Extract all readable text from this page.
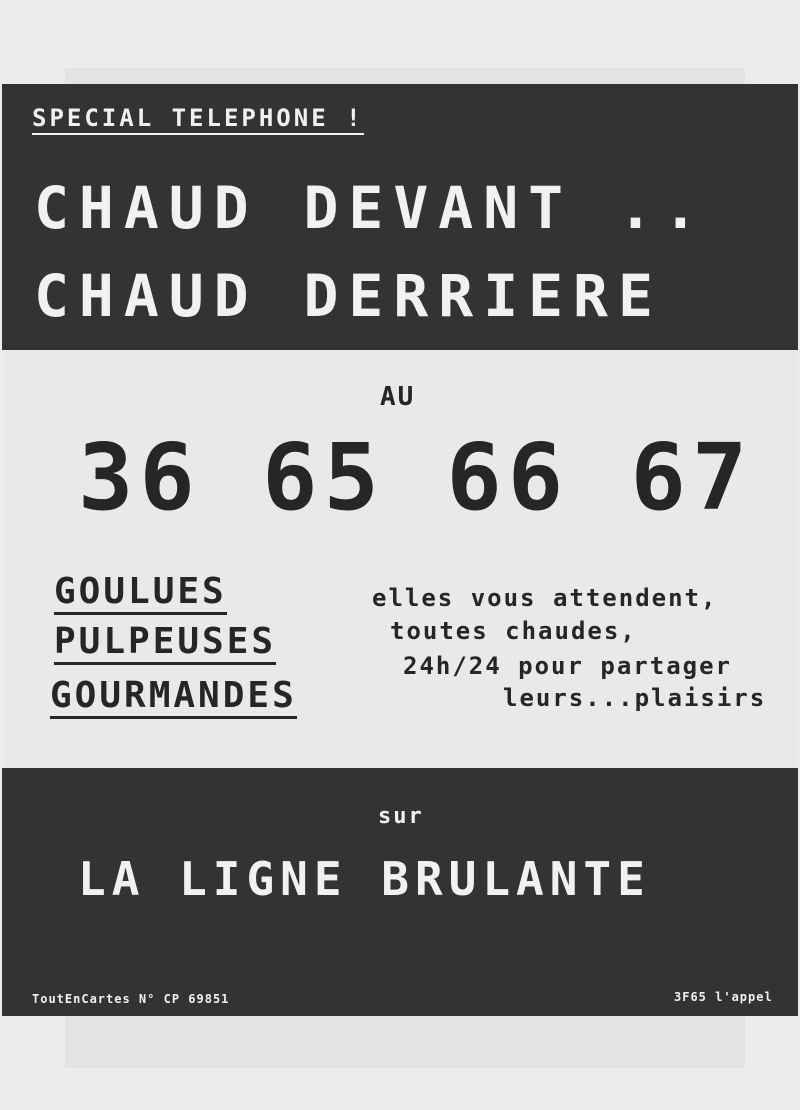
SPECIAL TELEPHONE !
CHAUD DEVANT ..
CHAUD DERRIERE
AU
36 65 66 67
GOULUES
PULPEUSES
GOURMANDES
elles vous attendent,
toutes chaudes,
24h/24 pour partager
leurs...plaisirs
sur
LA LIGNE BRULANTE
ToutEnCartes N° CP 69851	3F65 l'appel
